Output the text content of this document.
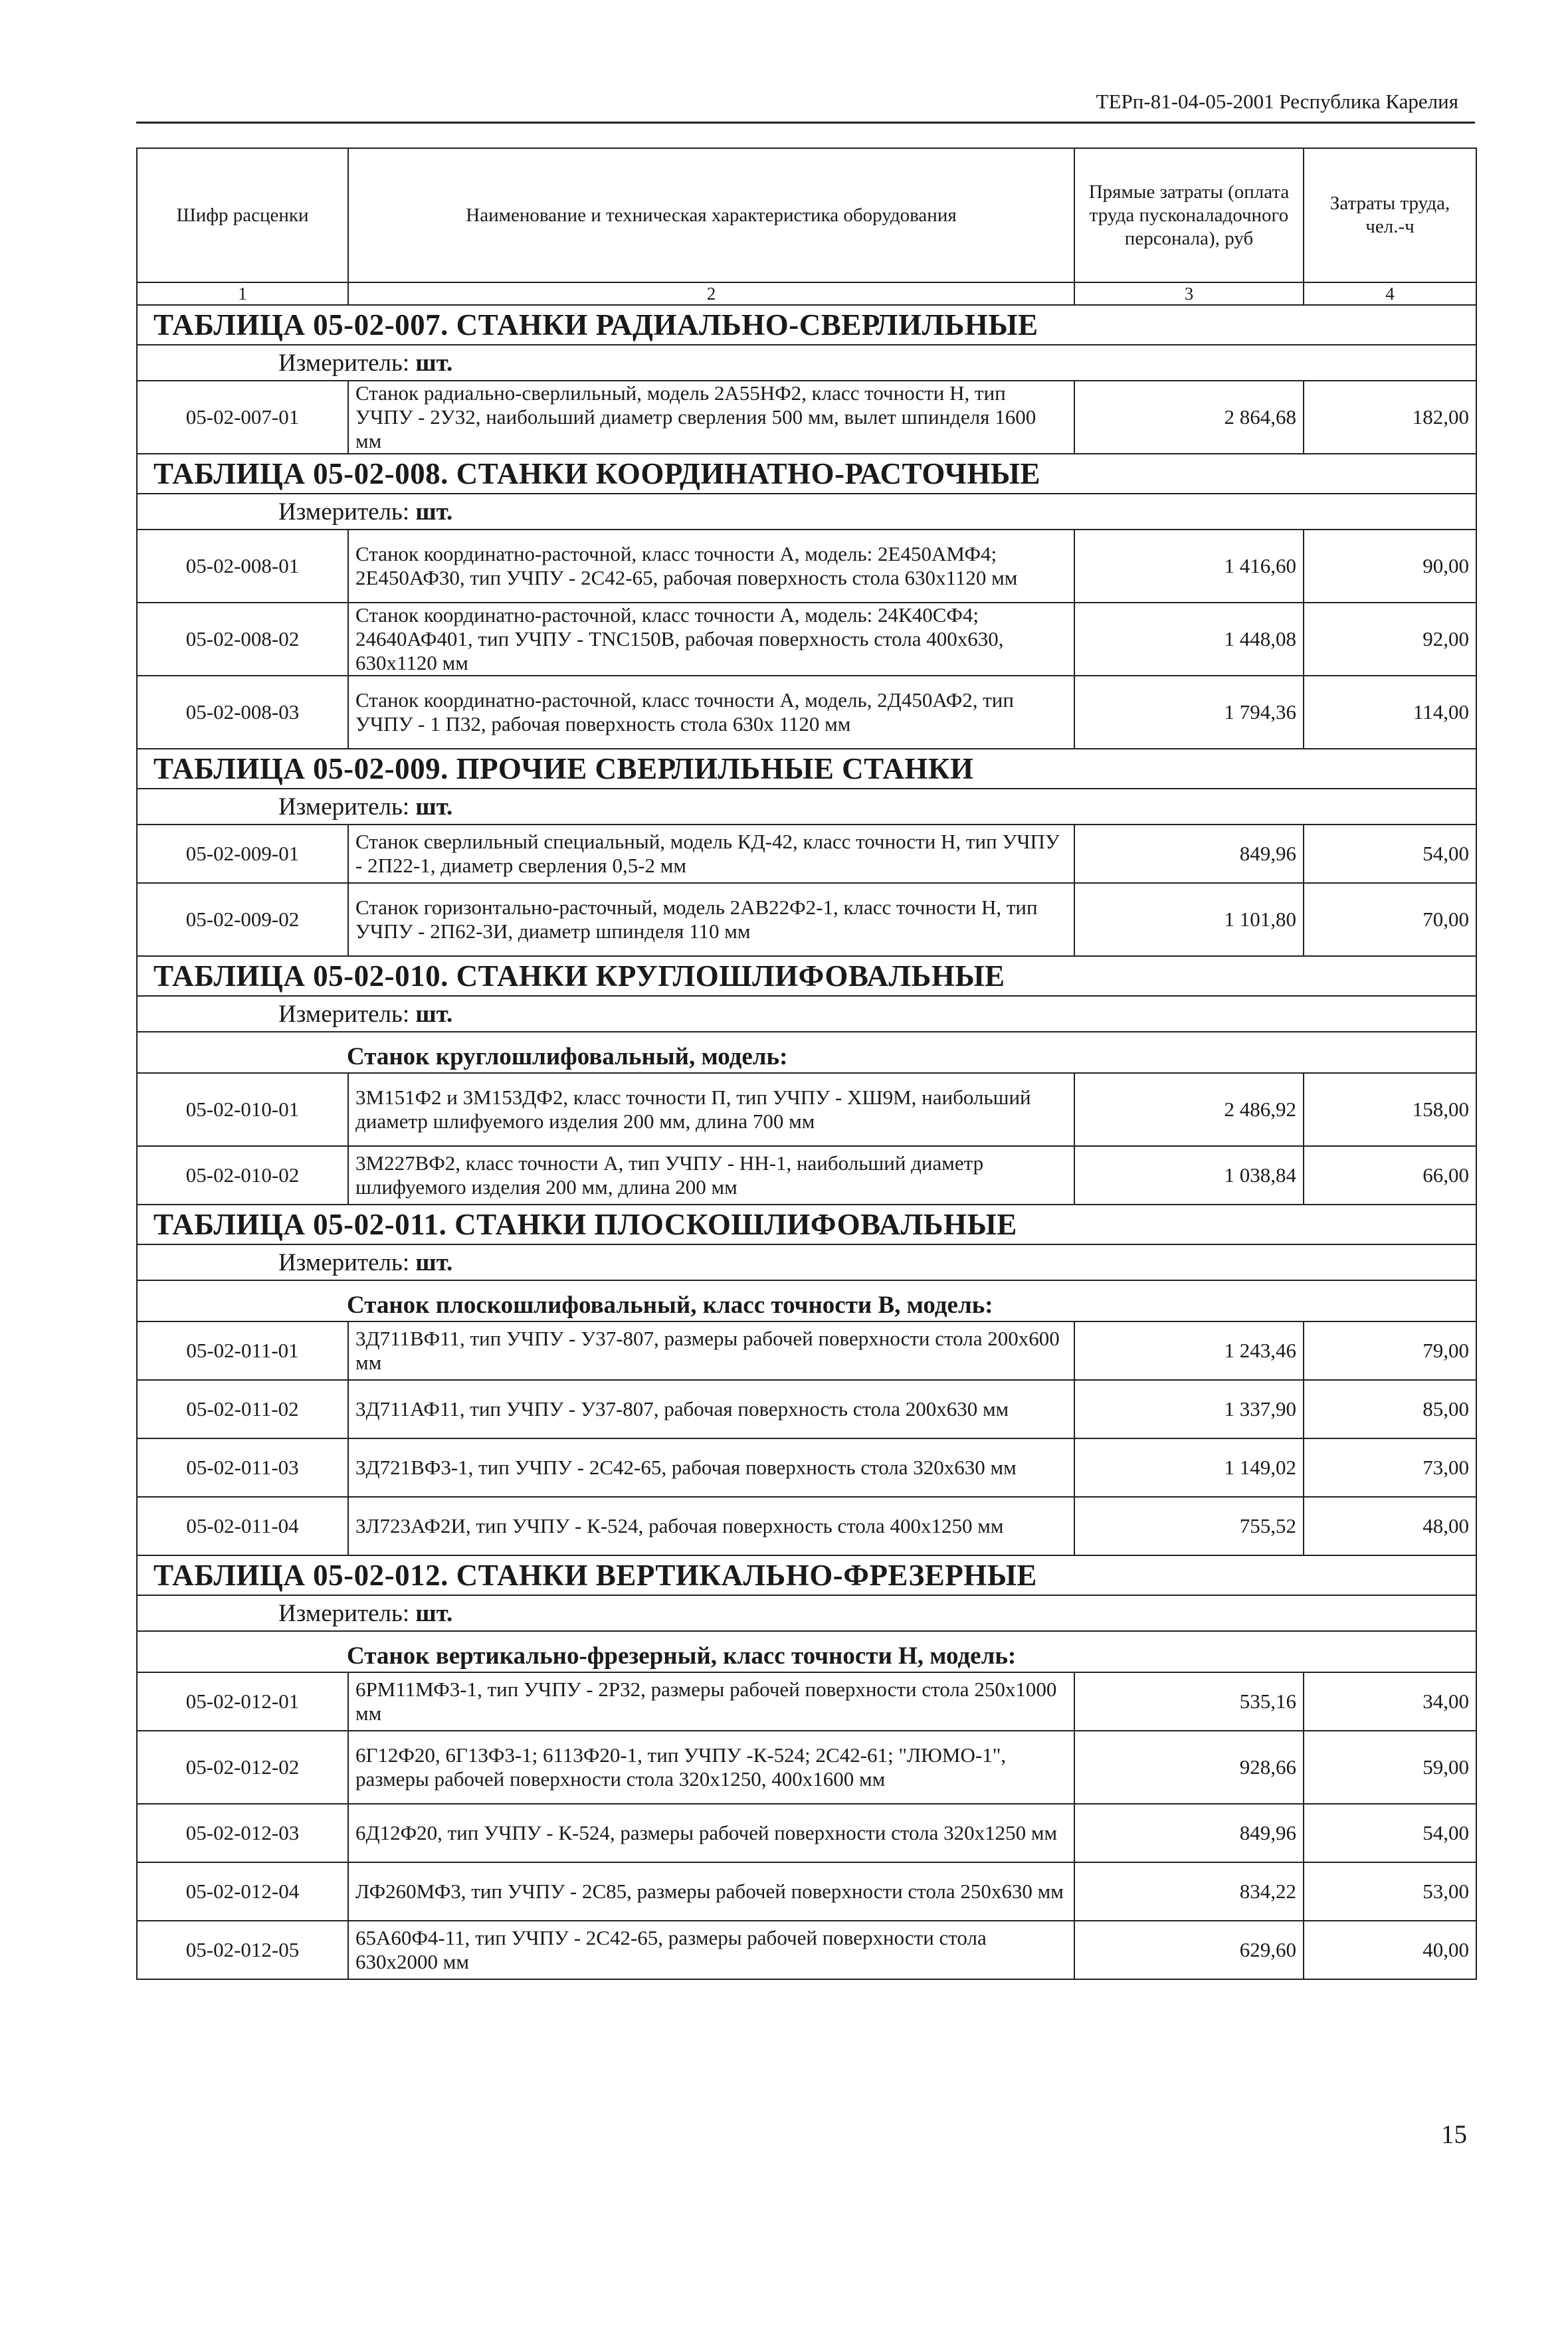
ТЕРп-81-04-05-2001 Республика Карелия
Шифр расценки	Наименование и техническая характеристика оборудования	Прямые затраты (оплата труда пусконаладочного персонала), руб	Затраты труда, чел.-ч
1	2	3	4
ТАБЛИЦА 05-02-007. СТАНКИ РАДИАЛЬНО-СВЕРЛИЛЬНЫЕ			
Измеритель: шт.			
05-02-007-01	Станок радиально-сверлильный, модель 2А55НФ2, класс точности Н, тип УЧПУ - 2У32, наибольший диаметр сверления 500 мм, вылет шпинделя 1600 мм	2 864,68	182,00
ТАБЛИЦА 05-02-008. СТАНКИ КООРДИНАТНО-РАСТОЧНЫЕ			
Измеритель: шт.			
05-02-008-01	Станок координатно-расточной, класс точности А, модель: 2Е450АМФ4; 2Е450АФ30, тип УЧПУ - 2С42-65, рабочая поверхность стола 630х1120 мм	1 416,60	90,00
05-02-008-02	Станок координатно-расточной, класс точности А, модель: 24К40СФ4; 24640АФ401, тип УЧПУ - TNC150B, рабочая поверхность стола 400х630, 630х1120 мм	1 448,08	92,00
05-02-008-03	Станок координатно-расточной, класс точности А, модель, 2Д450АФ2, тип УЧПУ - 1 П32, рабочая поверхность стола 630х 1120 мм	1 794,36	114,00
ТАБЛИЦА 05-02-009. ПРОЧИЕ СВЕРЛИЛЬНЫЕ СТАНКИ			
Измеритель: шт.			
05-02-009-01	Станок сверлильный специальный, модель КД-42, класс точности Н, тип УЧПУ - 2П22-1, диаметр сверления 0,5-2 мм	849,96	54,00
05-02-009-02	Станок горизонтально-расточный, модель 2АВ22Ф2-1, класс точности Н, тип УЧПУ - 2П62-3И, диаметр шпинделя 110 мм	1 101,80	70,00
ТАБЛИЦА 05-02-010. СТАНКИ КРУГЛОШЛИФОВАЛЬНЫЕ			
Измеритель: шт.			
Станок круглошлифовальный, модель:			
05-02-010-01	3М151Ф2 и 3М153ДФ2, класс точности П, тип УЧПУ - ХШ9М, наибольший диаметр шлифуемого изделия 200 мм, длина 700 мм	2 486,92	158,00
05-02-010-02	3М227ВФ2, класс точности А, тип УЧПУ - НН-1, наибольший диаметр шлифуемого изделия 200 мм, длина 200 мм	1 038,84	66,00
ТАБЛИЦА 05-02-011. СТАНКИ ПЛОСКОШЛИФОВАЛЬНЫЕ			
Измеритель: шт.			
Станок плоскошлифовальный, класс точности В, модель:			
05-02-011-01	3Д711ВФ11, тип УЧПУ - У37-807, размеры рабочей поверхности стола 200х600 мм	1 243,46	79,00
05-02-011-02	3Д711АФ11, тип УЧПУ - У37-807, рабочая поверхность стола 200х630 мм	1 337,90	85,00
05-02-011-03	3Д721ВФ3-1, тип УЧПУ - 2С42-65, рабочая поверхность стола 320х630 мм	1 149,02	73,00
05-02-011-04	3Л723АФ2И, тип УЧПУ - К-524, рабочая поверхность стола 400х1250 мм	755,52	48,00
ТАБЛИЦА 05-02-012. СТАНКИ ВЕРТИКАЛЬНО-ФРЕЗЕРНЫЕ			
Измеритель: шт.			
Станок вертикально-фрезерный, класс точности Н, модель:			
05-02-012-01	6РМ11МФ3-1, тип УЧПУ - 2Р32, размеры рабочей поверхности стола 250х1000 мм	535,16	34,00
05-02-012-02	6Г12Ф20, 6Г13Ф3-1; 6113Ф20-1, тип УЧПУ -К-524; 2С42-61; "ЛЮМО-1", размеры рабочей поверхности стола 320х1250, 400х1600 мм	928,66	59,00
05-02-012-03	6Д12Ф20, тип УЧПУ - К-524, размеры рабочей поверхности стола 320х1250 мм	849,96	54,00
05-02-012-04	ЛФ260МФ3, тип УЧПУ - 2С85, размеры рабочей поверхности стола 250х630 мм	834,22	53,00
05-02-012-05	65А60Ф4-11, тип УЧПУ - 2С42-65, размеры рабочей поверхности стола 630х2000 мм	629,60	40,00
15
